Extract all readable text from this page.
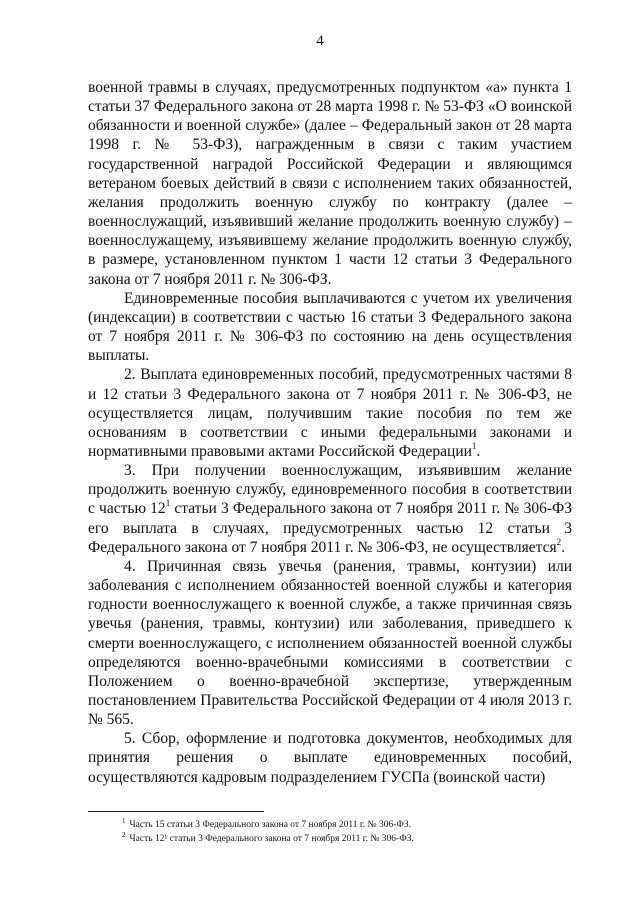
4

военной травмы в случаях, предусмотренных подпунктом «а» пункта 1 статьи 37 Федерального закона от 28 марта 1998 г. № 53-ФЗ «О воинской обязанности и военной службе» (далее – Федеральный закон от 28 марта 1998 г. № 53-ФЗ), награжденным в связи с таким участием государственной наградой Российской Федерации и являющимся ветераном боевых действий в связи с исполнением таких обязанностей, желания продолжить военную службу по контракту (далее – военнослужащий, изъявивший желание продолжить военную службу) – военнослужащему, изъявившему желание продолжить военную службу, в размере, установленном пунктом 1 части 12 статьи 3 Федерального закона от 7 ноября 2011 г. № 306-ФЗ.

Единовременные пособия выплачиваются с учетом их увеличения (индексации) в соответствии с частью 16 статьи 3 Федерального закона от 7 ноября 2011 г. № 306-ФЗ по состоянию на день осуществления выплаты.

2. Выплата единовременных пособий, предусмотренных частями 8 и 12 статьи 3 Федерального закона от 7 ноября 2011 г. № 306-ФЗ, не осуществляется лицам, получившим такие пособия по тем же основаниям в соответствии с иными федеральными законами и нормативными правовыми актами Российской Федерации$^1$.

3. При получении военнослужащим, изъявившим желание продолжить военную службу, единовременного пособия в соответствии с частью $12^1$ статьи 3 Федерального закона от 7 ноября 2011 г. № 306-ФЗ его выплата в случаях, предусмотренных частью 12 статьи 3 Федерального закона от 7 ноября 2011 г. № 306-ФЗ, не осуществляется$^2$.

4. Причинная связь увечья (ранения, травмы, контузии) или заболевания с исполнением обязанностей военной службы и категория годности военнослужащего к военной службе, а также причинная связь увечья (ранения, травмы, контузии) или заболевания, приведшего к смерти военнослужащего, с исполнением обязанностей военной службы определяются военно-врачебными комиссиями в соответствии с Положением о военно-врачебной экспертизе, утвержденным постановлением Правительства Российской Федерации от 4 июля 2013 г. № 565.

5. Сбор, оформление и подготовка документов, необходимых для принятия решения о выплате единовременных пособий, осуществляются кадровым подразделением ГУСПа (воинской части)

$^1$ Часть 15 статьи 3 Федерального закона от 7 ноября 2011 г. № 306-ФЗ.

$^2$ Часть 12¹ статьи 3 Федерального закона от 7 ноября 2011 г. № 306-ФЗ.
